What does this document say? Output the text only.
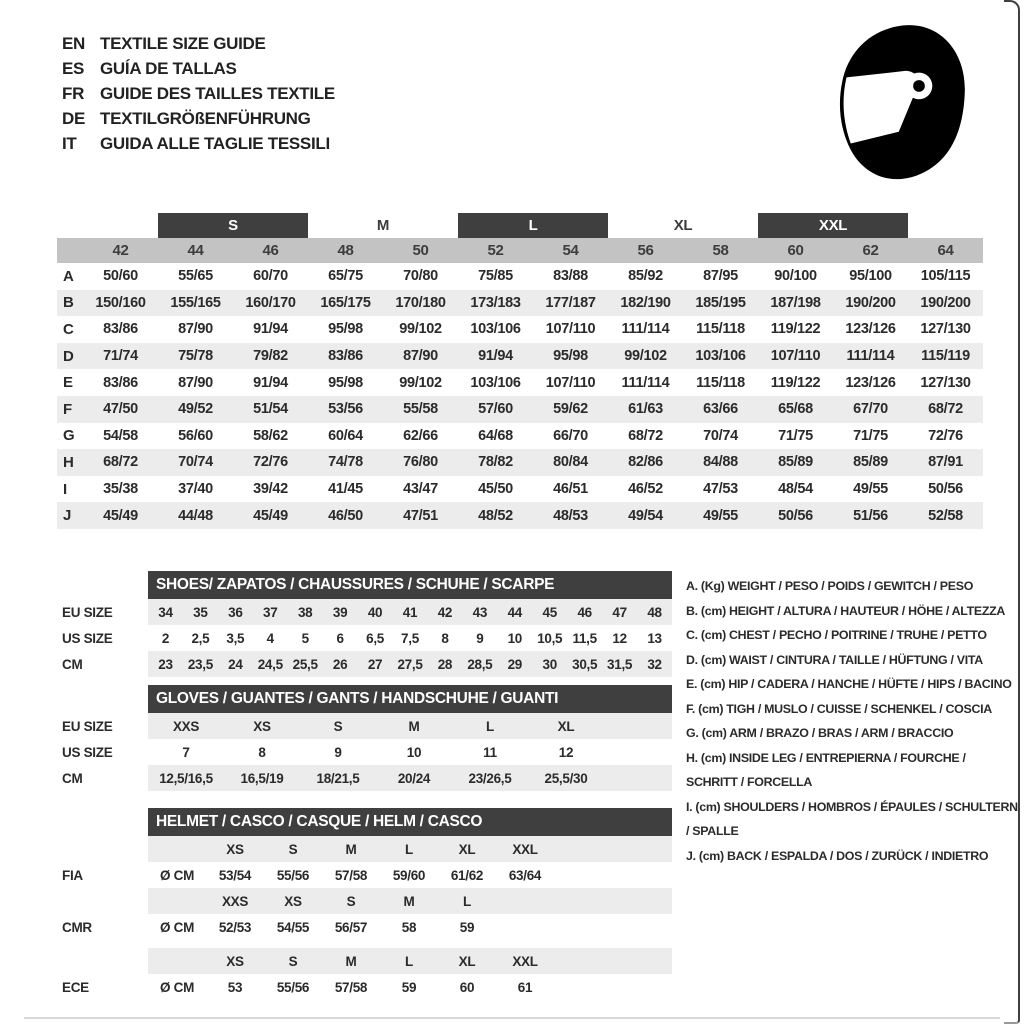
EN TEXTILE SIZE GUIDE
ES GUÍA DE TALLAS
FR GUIDE DES TAILLES TEXTILE
DE TEXTILGRÖßENFÜHRUNG
IT	GUIDA ALLE TAGLIE TESSILI
S	M	L	XL	XXL
42	44	46	48	50	52	54	56	58	60	62	64
A	50/60	55/65	60/70	65/75	70/80	75/85	83/88	85/92	87/95	90/100	95/100	105/115
B	150/160	155/165	160/170	165/175	170/180	173/183	177/187	182/190	185/195	187/198	190/200	190/200
C	83/86	87/90	91/94	95/98	99/102	103/106	107/110	111/114	115/118	119/122	123/126	127/130
D	71/74	75/78	79/82	83/86	87/90	91/94	95/98	99/102	103/106	107/110	111/114	115/119
E	83/86	87/90	91/94	95/98	99/102	103/106	107/110	111/114	115/118	119/122	123/126	127/130
F	47/50	49/52	51/54	53/56	55/58	57/60	59/62	61/63	63/66	65/68	67/70	68/72
G	54/58	56/60	58/62	60/64	62/66	64/68	66/70	68/72	70/74	71/75	71/75	72/76
H	68/72	70/74	72/76	74/78	76/80	78/82	80/84	82/86	84/88	85/89	85/89	87/91
I	35/38	37/40	39/42	41/45	43/47	45/50	46/51	46/52	47/53	48/54	49/55	50/56
J	45/49	44/48	45/49	46/50	47/51	48/52	48/53	49/54	49/55	50/56	51/56	52/58
SHOES/ ZAPATOS / CHAUSSURES / SCHUHE / SCARPE
EU SIZE	34	35	36	37	38	39	40	41	42	43	44	45	46	47	48
US SIZE	2	2,5	3,5	4	5	6	6,5	7,5	8	9	10	10,5 11,5	12	13
CM	23	23,5	24	24,5 25,5	26	27	27,5	28	28,5	29	30	30,5 31,5	32
GLOVES / GUANTES / GANTS / HANDSCHUHE / GUANTI
EU SIZE	XXS	XS	S	M	L	XL
US SIZE	7	8	9	10	11	12
CM	12,5/16,5	16,5/19	18/21,5	20/24	23/26,5	25,5/30
HELMET / CASCO / CASQUE / HELM / CASCO
XS	S	M	L	XL	XXL
FIA	Ø CM	53/54	55/56	57/58	59/60	61/62	63/64
XXS	XS	S	M	L
CMR	Ø CM	52/53	54/55	56/57	58	59
XS	S	M	L	XL	XXL
ECE	Ø CM	53	55/56	57/58	59	60	61
A. (Kg) WEIGHT / PESO / POIDS / GEWITCH / PESO
B. (cm) HEIGHT / ALTURA / HAUTEUR / HÖHE / ALTEZZA
C. (cm) CHEST / PECHO / POITRINE / TRUHE / PETTO
D. (cm) WAIST / CINTURA / TAILLE / HÜFTUNG / VITA
E. (cm) HIP / CADERA / HANCHE / HÜFTE / HIPS / BACINO
F. (cm) TIGH / MUSLO / CUISSE / SCHENKEL / COSCIA
G. (cm) ARM / BRAZO / BRAS / ARM / BRACCIO
H. (cm) INSIDE LEG / ENTREPIERNA / FOURCHE / SCHRITT / FORCELLA
I. (cm) SHOULDERS / HOMBROS / ÉPAULES / SCHULTERN / SPALLE
J. (cm) BACK / ESPALDA / DOS / ZURÜCK / INDIETRO
